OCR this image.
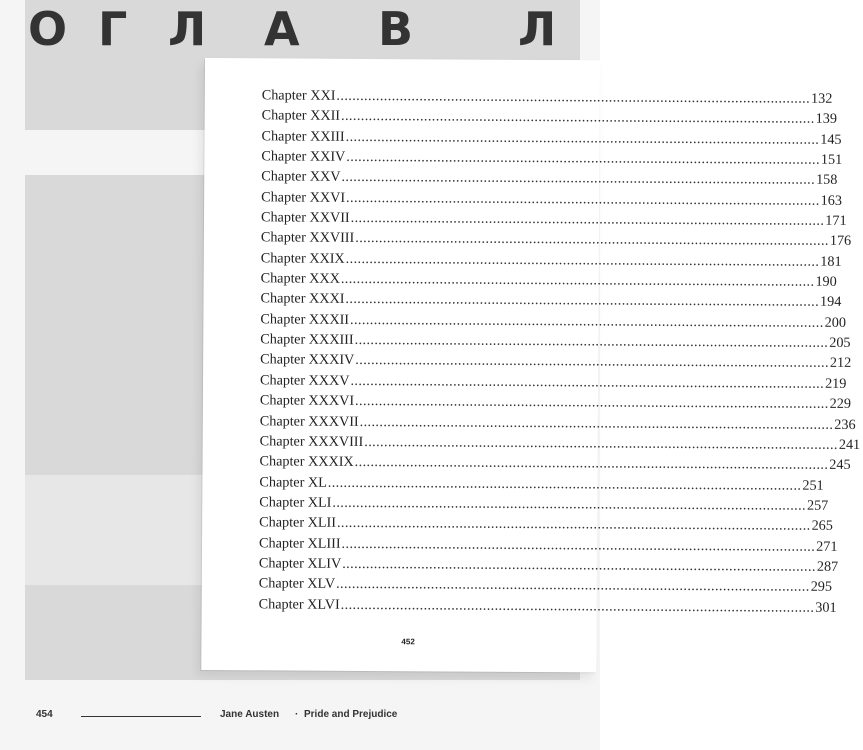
О Г Л А В Л
Chapter XXI ........................................................................................................................ 132
Chapter XXII ........................................................................................................................ 139
Chapter XXIII ........................................................................................................................ 145
Chapter XXIV ........................................................................................................................ 151
Chapter XXV ........................................................................................................................ 158
Chapter XXVI ........................................................................................................................ 163
Chapter XXVII ........................................................................................................................ 171
Chapter XXVIII ........................................................................................................................ 176
Chapter XXIX ........................................................................................................................ 181
Chapter XXX ........................................................................................................................ 190
Chapter XXXI ........................................................................................................................ 194
Chapter XXXII ........................................................................................................................ 200
Chapter XXXIII ........................................................................................................................ 205
Chapter XXXIV ........................................................................................................................ 212
Chapter XXXV ........................................................................................................................ 219
Chapter XXXVI ........................................................................................................................ 229
Chapter XXXVII ........................................................................................................................ 236
Chapter XXXVIII ........................................................................................................................ 241
Chapter XXXIX ........................................................................................................................ 245
Chapter XL ........................................................................................................................ 251
Chapter XLI ........................................................................................................................ 257
Chapter XLII ........................................................................................................................ 265
Chapter XLIII ........................................................................................................................ 271
Chapter XLIV ........................................................................................................................ 287
Chapter XLV ........................................................................................................................ 295
Chapter XLVI ........................................................................................................................ 301
452
454	Jane Austen · Pride and Prejudice
